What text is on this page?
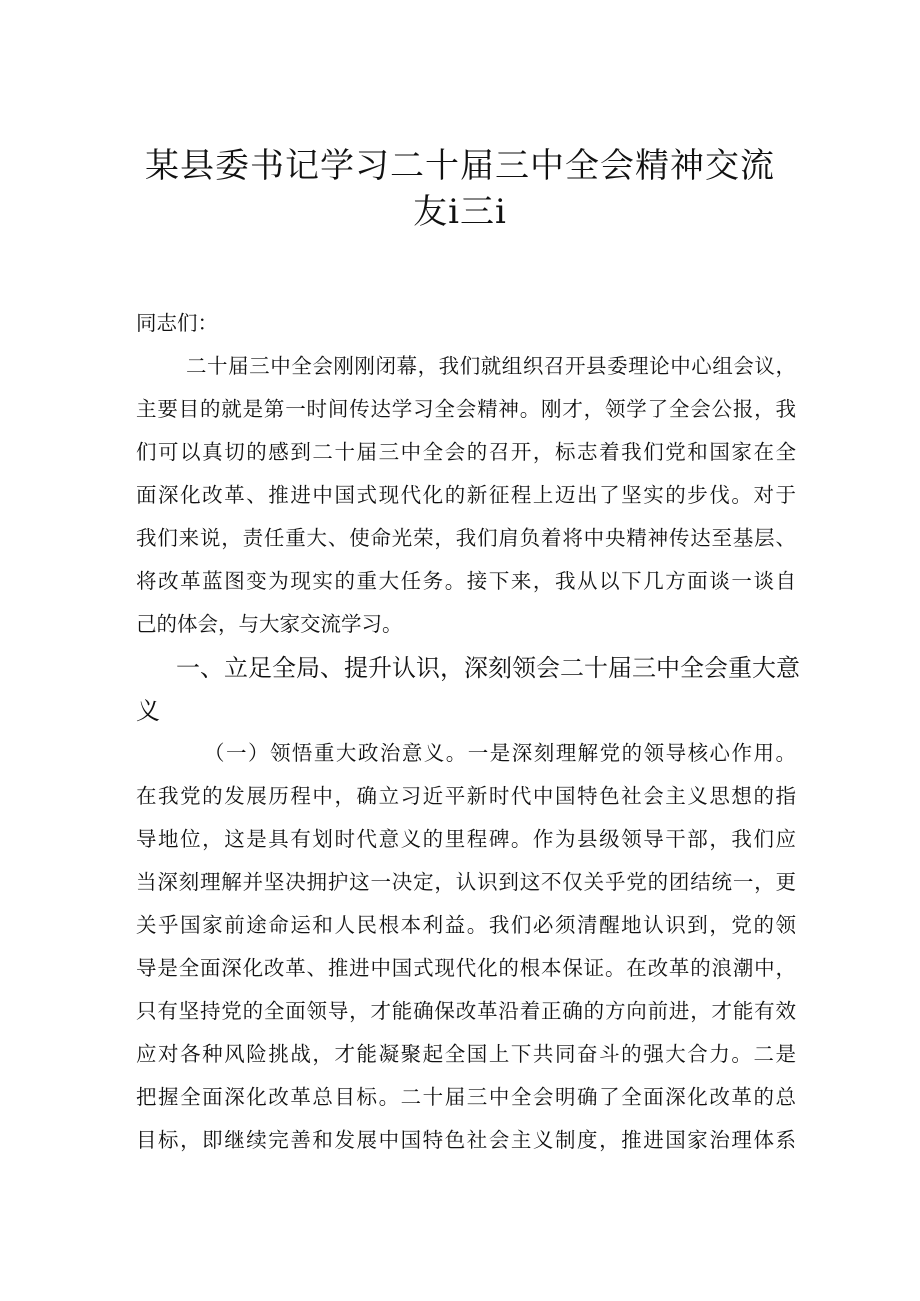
某县委书记学习二十届三中全会精神交流
友i三i
同志们：
二十届三中全会刚刚闭幕，我们就组织召开县委理论中心组会议，
主要目的就是第一时间传达学习全会精神。刚才，领学了全会公报，我
们可以真切的感到二十届三中全会的召开，标志着我们党和国家在全
面深化改革、推进中国式现代化的新征程上迈出了坚实的步伐。对于
我们来说，责任重大、使命光荣，我们肩负着将中央精神传达至基层、
将改革蓝图变为现实的重大任务。接下来，我从以下几方面谈一谈自
己的体会，与大家交流学习。
一、立足全局、提升认识，深刻领会二十届三中全会重大意
义
（一）领悟重大政治意义。一是深刻理解党的领导核心作用。
在我党的发展历程中，确立习近平新时代中国特色社会主义思想的指
导地位，这是具有划时代意义的里程碑。作为县级领导干部，我们应
当深刻理解并坚决拥护这一决定，认识到这不仅关乎党的团结统一，更
关乎国家前途命运和人民根本利益。我们必须清醒地认识到，党的领
导是全面深化改革、推进中国式现代化的根本保证。在改革的浪潮中，
只有坚持党的全面领导，才能确保改革沿着正确的方向前进，才能有效
应对各种风险挑战，才能凝聚起全国上下共同奋斗的强大合力。二是
把握全面深化改革总目标。二十届三中全会明确了全面深化改革的总
目标，即继续完善和发展中国特色社会主义制度，推进国家治理体系
